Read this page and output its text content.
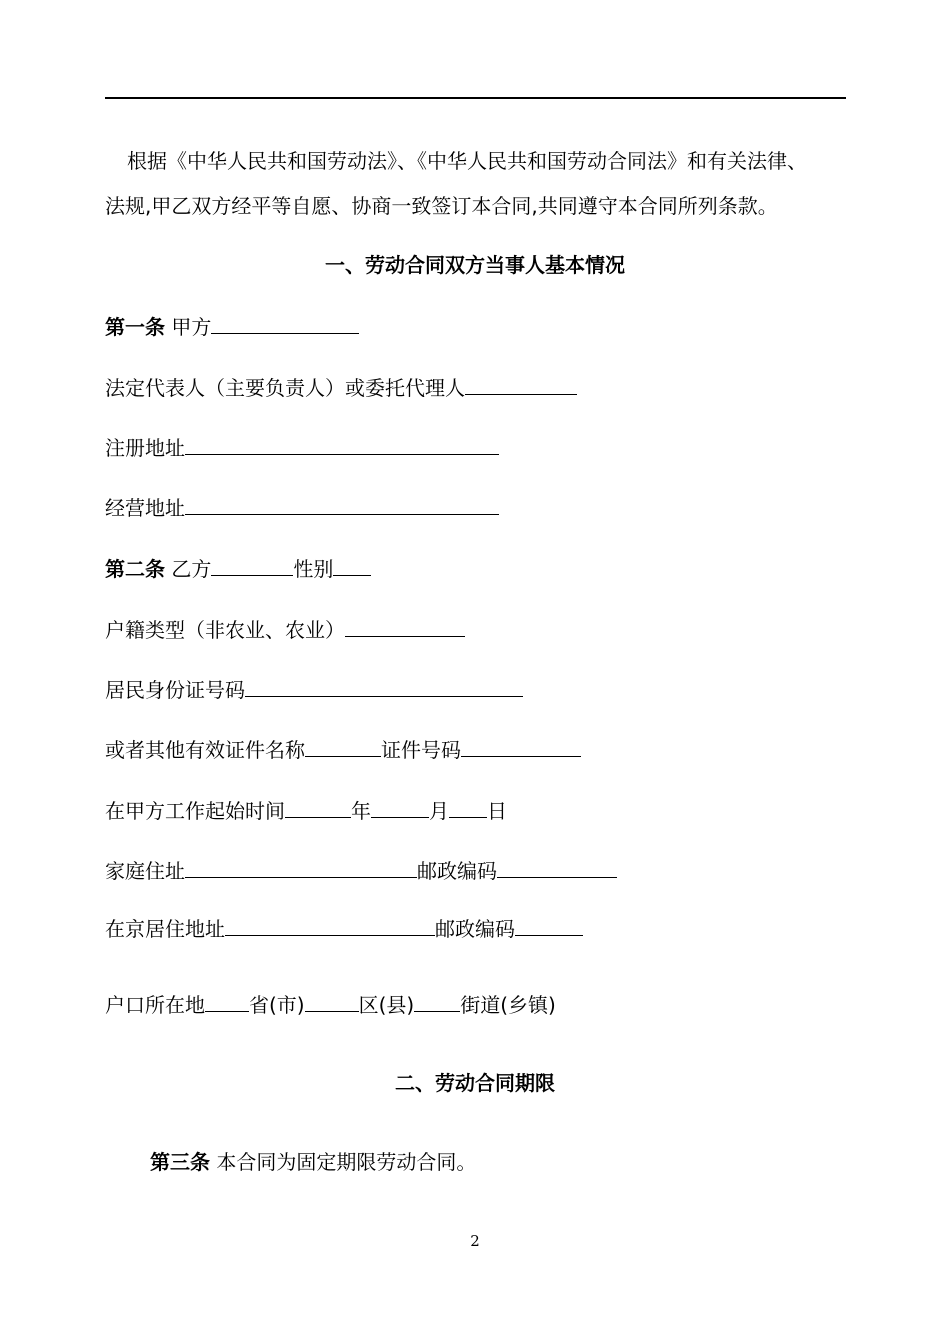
根据《中华人民共和国劳动法》、《中华人民共和国劳动合同法》和有关法律、
法规,甲乙双方经平等自愿、协商一致签订本合同,共同遵守本合同所列条款。
一、劳动合同双方当事人基本情况
第一条 甲方
法定代表人（主要负责人）或委托代理人
注册地址
经营地址
第二条 乙方	性别
户籍类型（非农业、农业）
居民身份证号码
或者其他有效证件名称	证件号码
在甲方工作起始时间	年	月 日
家庭住址	邮政编码
在京居住地址	邮政编码
户口所在地 省(市)	区(县) 街道(乡镇)
二、劳动合同期限
第三条 本合同为固定期限劳动合同。
2
